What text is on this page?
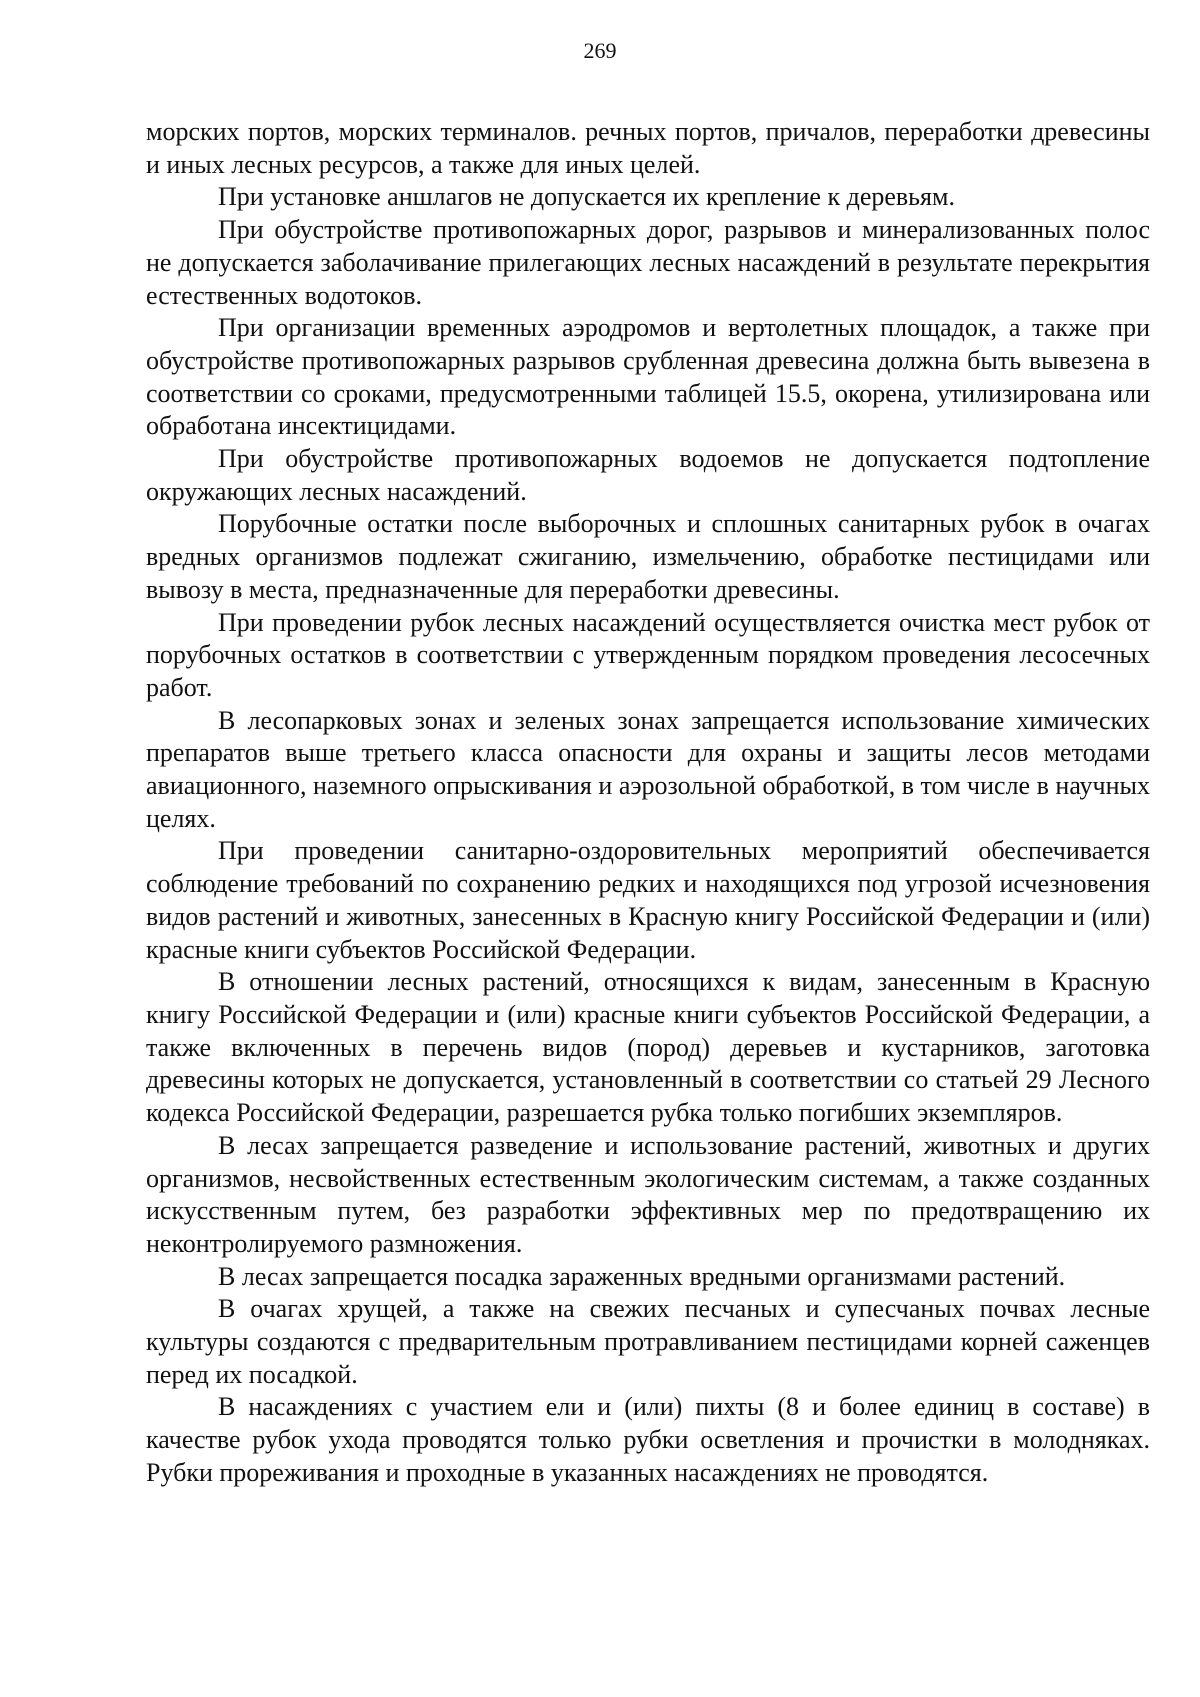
269

морских портов, морских терминалов. речных портов, причалов, переработки древесины и иных лесных ресурсов, а также для иных целей.

При установке аншлагов не допускается их крепление к деревьям.

При обустройстве противопожарных дорог, разрывов и минерализованных полос не допускается заболачивание прилегающих лесных насаждений в результате перекрытия естественных водотоков.

При организации временных аэродромов и вертолетных площадок, а также при обустройстве противопожарных разрывов срубленная древесина должна быть вывезена в соответствии со сроками, предусмотренными таблицей 15.5, окорена, утилизирована или обработана инсектицидами.

При обустройстве противопожарных водоемов не допускается подтопление окружающих лесных насаждений.

Порубочные остатки после выборочных и сплошных санитарных рубок в очагах вредных организмов подлежат сжиганию, измельчению, обработке пестицидами или вывозу в места, предназначенные для переработки древесины.

При проведении рубок лесных насаждений осуществляется очистка мест рубок от порубочных остатков в соответствии с утвержденным порядком проведения лесосечных работ.

В лесопарковых зонах и зеленых зонах запрещается использование химических препаратов выше третьего класса опасности для охраны и защиты лесов методами авиационного, наземного опрыскивания и аэрозольной обработкой, в том числе в научных целях.

При проведении санитарно-оздоровительных мероприятий обеспечивается соблюдение требований по сохранению редких и находящихся под угрозой исчезновения видов растений и животных, занесенных в Красную книгу Российской Федерации и (или) красные книги субъектов Российской Федерации.

В отношении лесных растений, относящихся к видам, занесенным в Красную книгу Российской Федерации и (или) красные книги субъектов Российской Федерации, а также включенных в перечень видов (пород) деревьев и кустарников, заготовка древесины которых не допускается, установленный в соответствии со статьей 29 Лесного кодекса Российской Федерации, разрешается рубка только погибших экземпляров.

В лесах запрещается разведение и использование растений, животных и других организмов, несвойственных естественным экологическим системам, а также созданных искусственным путем, без разработки эффективных мер по предотвращению их неконтролируемого размножения.

В лесах запрещается посадка зараженных вредными организмами растений.

В очагах хрущей, а также на свежих песчаных и супесчаных почвах лесные культуры создаются с предварительным протравливанием пестицидами корней саженцев перед их посадкой.

В насаждениях с участием ели и (или) пихты (8 и более единиц в составе) в качестве рубок ухода проводятся только рубки осветления и прочистки в молодняках. Рубки прореживания и проходные в указанных насаждениях не проводятся.
